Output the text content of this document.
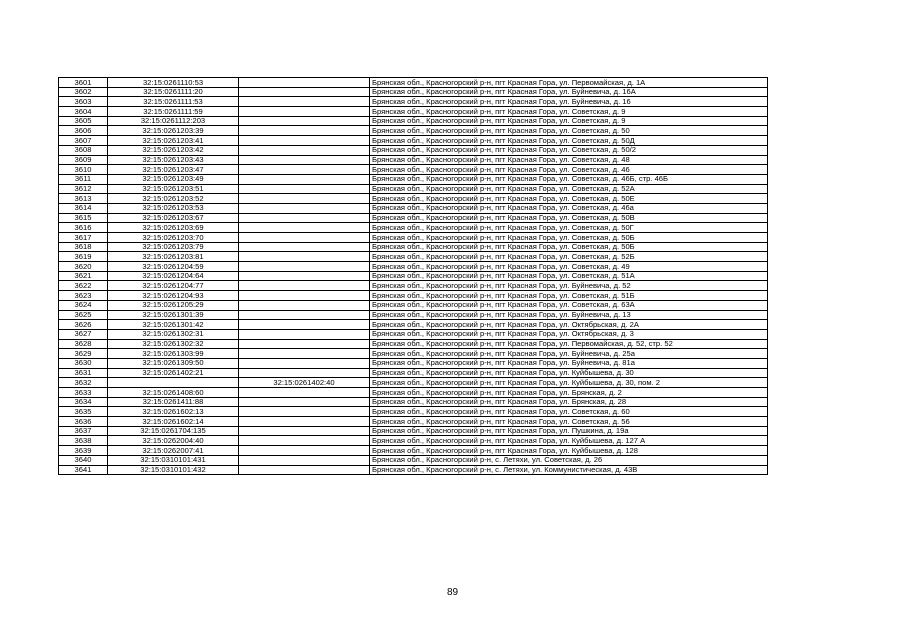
3601	32:15:0261110:53		Брянская обл., Красногорский р-н, пгт Красная Гора, ул. Первомайская, д. 1А
3602	32:15:0261111:20		Брянская обл., Красногорский р-н, пгт Красная Гора, ул. Буйневича, д. 16А
3603	32:15:0261111:53		Брянская обл., Красногорский р-н, пгт Красная Гора, ул. Буйневича, д. 16
3604	32:15:0261111:59		Брянская обл., Красногорский р-н, пгт Красная Гора, ул. Советская, д. 9
3605	32:15:0261112:203		Брянская обл., Красногорский р-н, пгт Красная Гора, ул. Советская, д. 9
3606	32:15:0261203:39		Брянская обл., Красногорский р-н, пгт Красная Гора, ул. Советская, д. 50
3607	32:15:0261203:41		Брянская обл., Красногорский р-н, пгт Красная Гора, ул. Советская, д. 50Д
3608	32:15:0261203:42		Брянская обл., Красногорский р-н, пгт Красная Гора, ул. Советская, д. 50/2
3609	32:15:0261203:43		Брянская обл., Красногорский р-н, пгт Красная Гора, ул. Советская, д. 48
3610	32:15:0261203:47		Брянская обл., Красногорский р-н, пгт Красная Гора, ул. Советская, д. 46
3611	32:15:0261203:49		Брянская обл., Красногорский р-н, пгт Красная Гора, ул. Советская, д. 46Б, стр. 46Б
3612	32:15:0261203:51		Брянская обл., Красногорский р-н, пгт Красная Гора, ул. Советская, д. 52А
3613	32:15:0261203:52		Брянская обл., Красногорский р-н, пгт Красная Гора, ул. Советская, д. 50Е
3614	32:15:0261203:53		Брянская обл., Красногорский р-н, пгт Красная Гора, ул. Советская, д. 46а
3615	32:15:0261203:67		Брянская обл., Красногорский р-н, пгт Красная Гора, ул. Советская, д. 50В
3616	32:15:0261203:69		Брянская обл., Красногорский р-н, пгт Красная Гора, ул. Советская, д. 50Г
3617	32:15:0261203:70		Брянская обл., Красногорский р-н, пгт Красная Гора, ул. Советская, д. 50Б
3618	32:15:0261203:79		Брянская обл., Красногорский р-н, пгт Красная Гора, ул. Советская, д. 50Б
3619	32:15:0261203:81		Брянская обл., Красногорский р-н, пгт Красная Гора, ул. Советская, д. 52Б
3620	32:15:0261204:59		Брянская обл., Красногорский р-н, пгт Красная Гора, ул. Советская, д. 49
3621	32:15:0261204:64		Брянская обл., Красногорский р-н, пгт Красная Гора, ул. Советская, д. 51А
3622	32:15:0261204:77		Брянская обл., Красногорский р-н, пгт Красная Гора, ул. Буйневича, д. 52
3623	32:15:0261204:93		Брянская обл., Красногорский р-н, пгт Красная Гора, ул. Советская, д. 51Б
3624	32:15:0261205:29		Брянская обл., Красногорский р-н, пгт Красная Гора, ул. Советская, д. 63А
3625	32:15:0261301:39		Брянская обл., Красногорский р-н, пгт Красная Гора, ул. Буйневича, д. 13
3626	32:15:0261301:42		Брянская обл., Красногорский р-н, пгт Красная Гора, ул. Октябрьская, д. 2А
3627	32:15:0261302:31		Брянская обл., Красногорский р-н, пгт Красная Гора, ул. Октябрьская, д. 3
3628	32:15:0261302:32		Брянская обл., Красногорский р-н, пгт Красная Гора, ул. Первомайская, д. 52, стр. 52
3629	32:15:0261303:99		Брянская обл., Красногорский р-н, пгт Красная Гора, ул. Буйневича, д. 25а
3630	32:15:0261309:50		Брянская обл., Красногорский р-н, пгт Красная Гора, ул. Буйневича, д. 81а
3631	32:15:0261402:21		Брянская обл., Красногорский р-н, пгт Красная Гора, ул. Куйбышева, д. 30
3632		32:15:0261402:40	Брянская обл., Красногорский р-н, пгт Красная Гора, ул. Куйбышева, д. 30, пом. 2
3633	32:15:0261408:60		Брянская обл., Красногорский р-н, пгт Красная Гора, ул. Брянская, д. 2
3634	32:15:0261411:88		Брянская обл., Красногорский р-н, пгт Красная Гора, ул. Брянская, д. 28
3635	32:15:0261602:13		Брянская обл., Красногорский р-н, пгт Красная Гора, ул. Советская, д. 60
3636	32:15:0261602:14		Брянская обл., Красногорский р-н, пгт Красная Гора, ул. Советская, д. 56
3637	32:15:0261704:135		Брянская обл., Красногорский р-н, пгт Красная Гора, ул. Пушкина, д. 19а
3638	32:15:0262004:40		Брянская обл., Красногорский р-н, пгт Красная Гора, ул. Куйбышева, д. 127 А
3639	32:15:0262007:41		Брянская обл., Красногорский р-н, пгт Красная Гора, ул. Куйбышева, д. 128
3640	32:15:0310101:431		Брянская обл., Красногорский р-н, с. Летяхи, ул. Советская, д. 26
3641	32:15:0310101:432		Брянская обл., Красногорский р-н, с. Летяхи, ул. Коммунистическая, д. 43В
89
